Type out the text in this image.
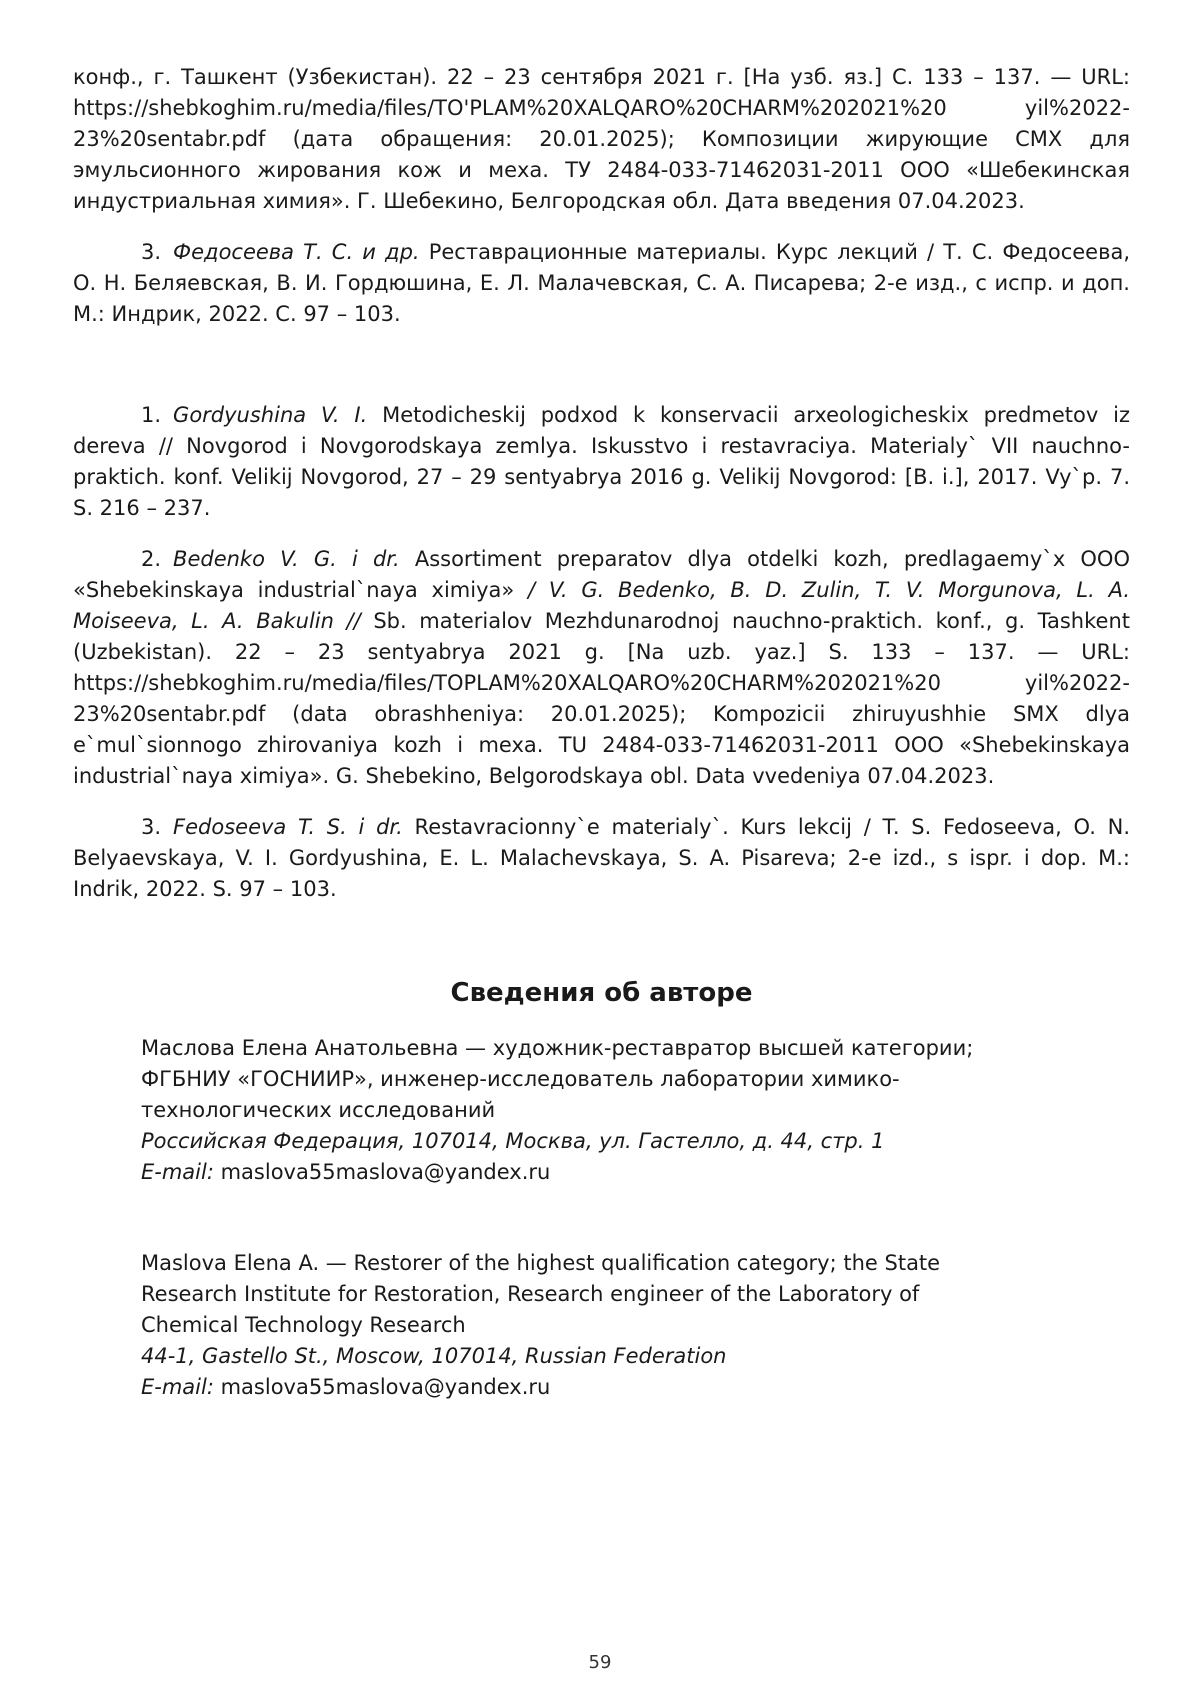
конф., г. Ташкент (Узбекистан). 22 – 23 сентября 2021 г. [На узб. яз.] С. 133 – 137. — URL: https://shebkoghim.ru/media/files/TO'PLAM%20XALQARO%20CHARM%202021%20 yil%2022-23%20sentabr.pdf (дата обращения: 20.01.2025); Композиции жирующие СМХ для эмульсионного жирования кож и меха. ТУ 2484-033-71462031-2011 ООО «Шебекинская индустриальная химия». Г. Шебекино, Белгородская обл. Дата введения 07.04.2023.

3. Федосеева Т. С. и др. Реставрационные материалы. Курс лекций / Т. С. Федосеева, О. Н. Беляевская, В. И. Гордюшина, Е. Л. Малачевская, С. А. Писарева; 2-е изд., с испр. и доп. М.: Индрик, 2022. С. 97 – 103.

1. Gordyushina V. I. Metodicheskij podxod k konservacii arxeologicheskix predmetov iz dereva // Novgorod i Novgorodskaya zemlya. Iskusstvo i restavraciya. Materialy` VII nauchno-praktich. konf. Velikij Novgorod, 27 – 29 sentyabrya 2016 g. Velikij Novgorod: [B. i.], 2017. Vy`p. 7. S. 216 – 237.

2. Bedenko V. G. i dr. Assortiment preparatov dlya otdelki kozh, predlagaemy`x OOO «Shebekinskaya industrial`naya ximiya» / V. G. Bedenko, B. D. Zulin, T. V. Morgunova, L. A. Moiseeva, L. A. Bakulin // Sb. materialov Mezhdunarodnoj nauchno-praktich. konf., g. Tashkent (Uzbekistan). 22 – 23 sentyabrya 2021 g. [Na uzb. yaz.] S. 133 – 137. — URL: https://shebkoghim.ru/media/files/TOPLAM%20XALQARO%20CHARM%202021%20 yil%2022-23%20sentabr.pdf (data obrashheniya: 20.01.2025); Kompozicii zhiruyushhie SMX dlya e`mul`sionnogo zhirovaniya kozh i mexa. TU 2484-033-71462031-2011 OOO «Shebekinskaya industrial`naya ximiya». G. Shebekino, Belgorodskaya obl. Data vvedeniya 07.04.2023.

3. Fedoseeva T. S. i dr. Restavracionny`e materialy`. Kurs lekcij / T. S. Fedoseeva, O. N. Belyaevskaya, V. I. Gordyushina, E. L. Malachevskaya, S. A. Pisareva; 2-e izd., s ispr. i dop. M.: Indrik, 2022. S. 97 – 103.

Сведения об авторе

Маслова Елена Анатольевна — художник-реставратор высшей категории;

ФГБНИУ «ГОСНИИР», инженер-исследователь лаборатории химико-

технологических исследований

Российская Федерация, 107014, Москва, ул. Гастелло, д. 44, стр. 1

E-mail: maslova55maslova@yandex.ru

Maslova Elena A. — Restorer of the highest qualification category; the State

Research Institute for Restoration, Research engineer of the Laboratory of

Chemical Technology Research

44-1, Gastello St., Moscow, 107014, Russian Federation

E-mail: maslova55maslova@yandex.ru

59
